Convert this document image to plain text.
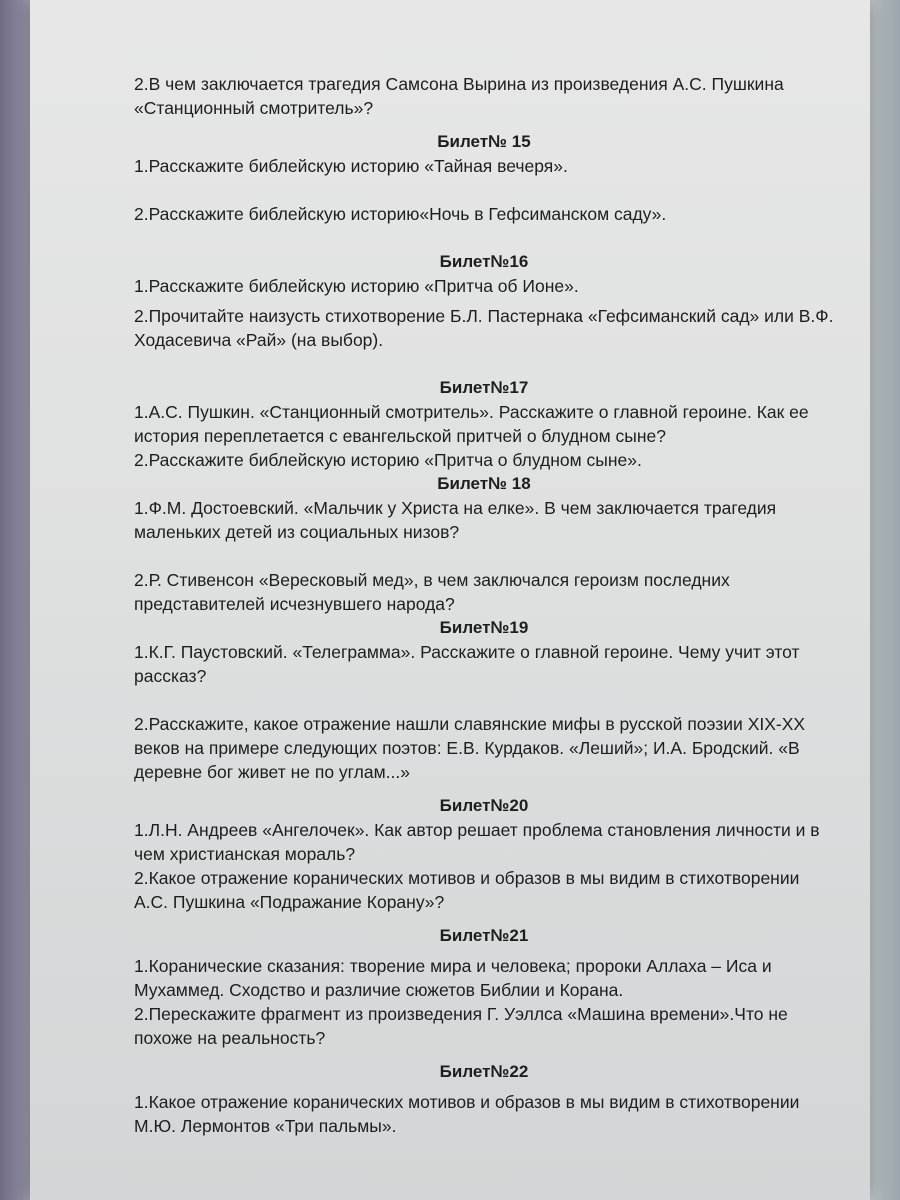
2.В чем заключается трагедия Самсона Вырина из произведения А.С. Пушкина «Станционный смотритель»?

Билет№ 15

1.Расскажите библейскую историю «Тайная вечеря».

2.Расскажите библейскую историю«Ночь в Гефсиманском саду».

Билет№16

1.Расскажите библейскую историю «Притча об Ионе».

2.Прочитайте наизусть стихотворение Б.Л. Пастернака «Гефсиманский сад» или В.Ф. Ходасевича «Рай» (на выбор).

Билет№17

1.А.С. Пушкин. «Станционный смотритель». Расскажите о главной героине. Как ее история переплетается с евангельской притчей о блудном сыне?

2.Расскажите библейскую историю «Притча о блудном сыне».

Билет№ 18

1.Ф.М. Достоевский. «Мальчик у Христа на елке». В чем заключается трагедия маленьких детей из социальных низов?

2.Р. Стивенсон «Вересковый мед», в чем заключался героизм последних представителей исчезнувшего народа?

Билет№19

1.К.Г. Паустовский. «Телеграмма». Расскажите о главной героине. Чему учит этот рассказ?

2.Расскажите, какое отражение нашли славянские мифы в русской поэзии XIX-XX веков на примере следующих поэтов: Е.В. Курдаков. «Леший»; И.А. Бродский. «В деревне бог живет не по углам...»

Билет№20

1.Л.Н. Андреев «Ангелочек». Как автор решает проблема становления личности и в чем христианская мораль?

2.Какое отражение коранических мотивов и образов в мы видим в стихотворении А.С. Пушкина «Подражание Корану»?

Билет№21

1.Коранические сказания: творение мира и человека; пророки Аллаха – Иса и Мухаммед. Сходство и различие сюжетов Библии и Корана.

2.Перескажите фрагмент из произведения Г. Уэллса «Машина времени».Что не похоже на реальность?

Билет№22

1.Какое отражение коранических мотивов и образов в мы видим в стихотворении М.Ю. Лермонтов «Три пальмы».
